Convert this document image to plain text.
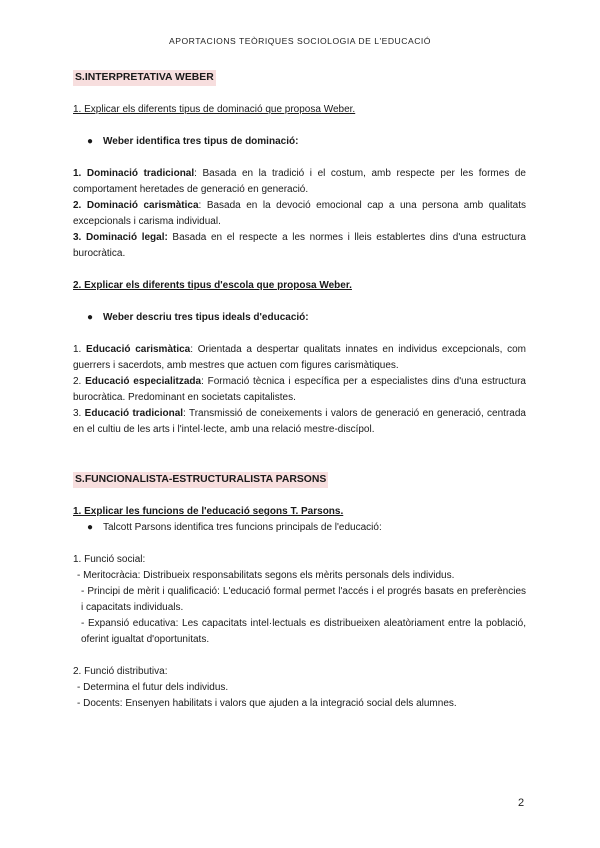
APORTACIONS TEÒRIQUES SOCIOLOGIA DE L'EDUCACIÓ
S.INTERPRETATIVA WEBER

1. Explicar els diferents tipus de dominació que proposa Weber.

● Weber identifica tres tipus de dominació:

1. Dominació tradicional: Basada en la tradició i el costum, amb respecte per les formes de comportament heretades de generació en generació.

2. Dominació carismàtica: Basada en la devoció emocional cap a una persona amb qualitats excepcionals i carisma individual.

3. Dominació legal: Basada en el respecte a les normes i lleis establertes dins d'una estructura burocràtica.

2. Explicar els diferents tipus d'escola que proposa Weber.

● Weber descriu tres tipus ideals d'educació:

1. Educació carismàtica: Orientada a despertar qualitats innates en individus excepcionals, com guerrers i sacerdots, amb mestres que actuen com figures carismàtiques.

2. Educació especialitzada: Formació tècnica i específica per a especialistes dins d'una estructura burocràtica. Predominant en societats capitalistes.

3. Educació tradicional: Transmissió de coneixements i valors de generació en generació, centrada en el cultiu de les arts i l'intel·lecte, amb una relació mestre-discípol.

S.FUNCIONALISTA-ESTRUCTURALISTA PARSONS

1. Explicar les funcions de l'educació segons T. Parsons.

● Talcott Parsons identifica tres funcions principals de l'educació:

1. Funció social:

- Meritocràcia: Distribueix responsabilitats segons els mèrits personals dels individus.

- Principi de mèrit i qualificació: L'educació formal permet l'accés i el progrés basats en preferències i capacitats individuals.

- Expansió educativa: Les capacitats intel·lectuals es distribueixen aleatòriament entre la població, oferint igualtat d'oportunitats.

2. Funció distributiva:

- Determina el futur dels individus.

- Docents: Ensenyen habilitats i valors que ajuden a la integració social dels alumnes.

2
